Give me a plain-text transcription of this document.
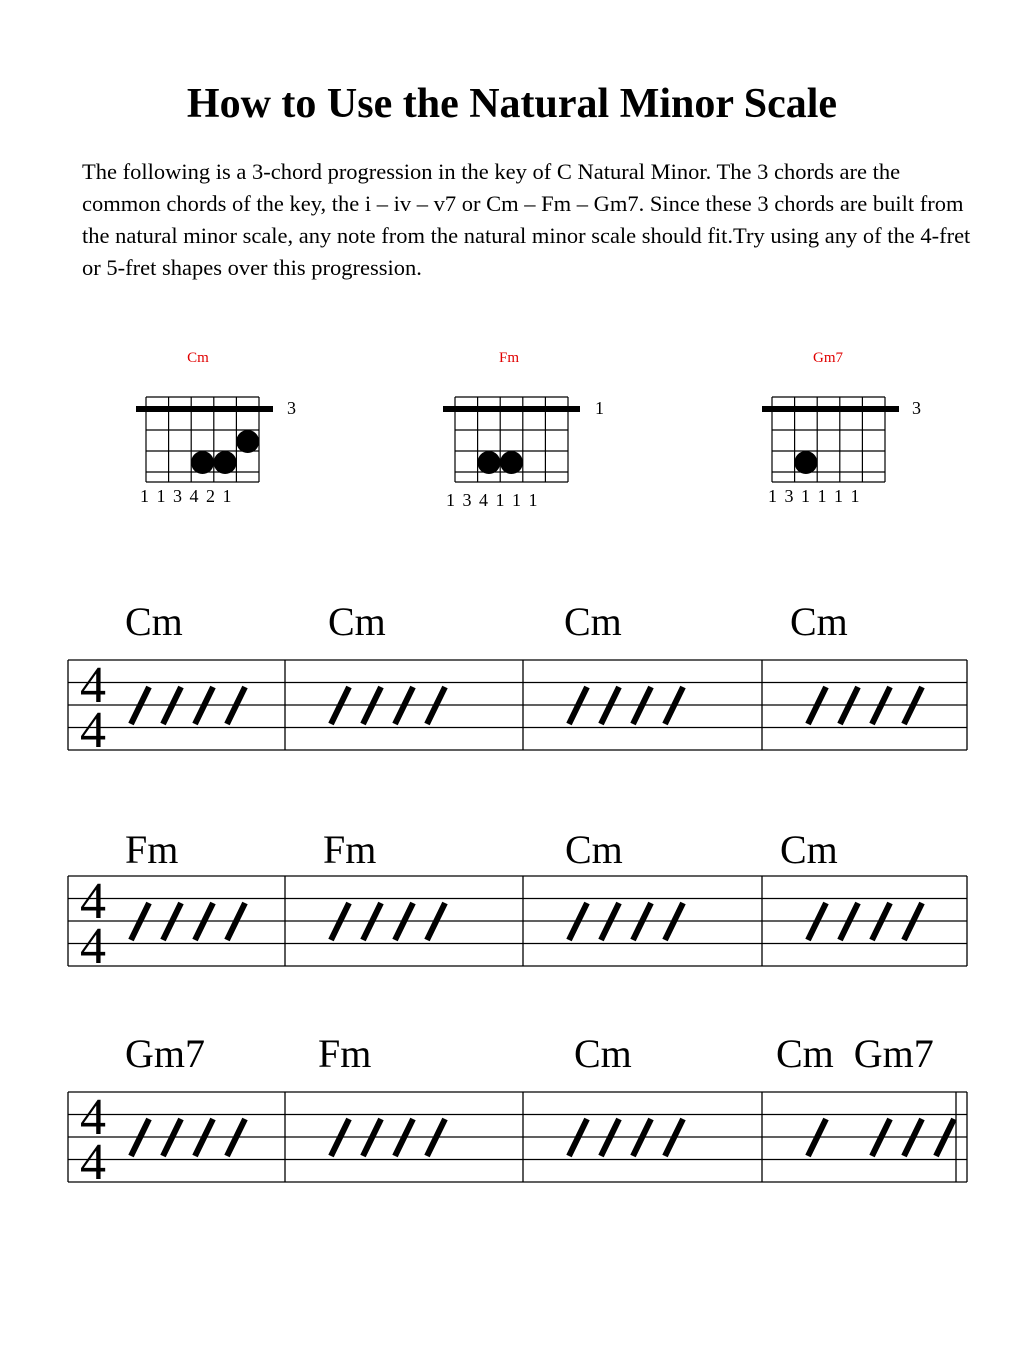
How to Use the Natural Minor Scale

The following is a 3-chord progression in the key of C Natural Minor. The 3 chords are the common chords of the key, the i – iv – v7 or Cm – Fm – Gm7. Since these 3 chords are built from the natural minor scale, any note from the natural minor scale should fit.Try using any of the 4-fret or 5-fret shapes over this progression.

Cm
3
1 1 3 4 2 1
Fm
1
1 3 4 1 1 1
Gm7
3
1 3 1 1 1 1
Cm	Cm	Cm	Cm
4
4
Fm	Fm	Cm	Cm
4
4
Gm7	Fm	Cm	Cm  Gm7
4
4
